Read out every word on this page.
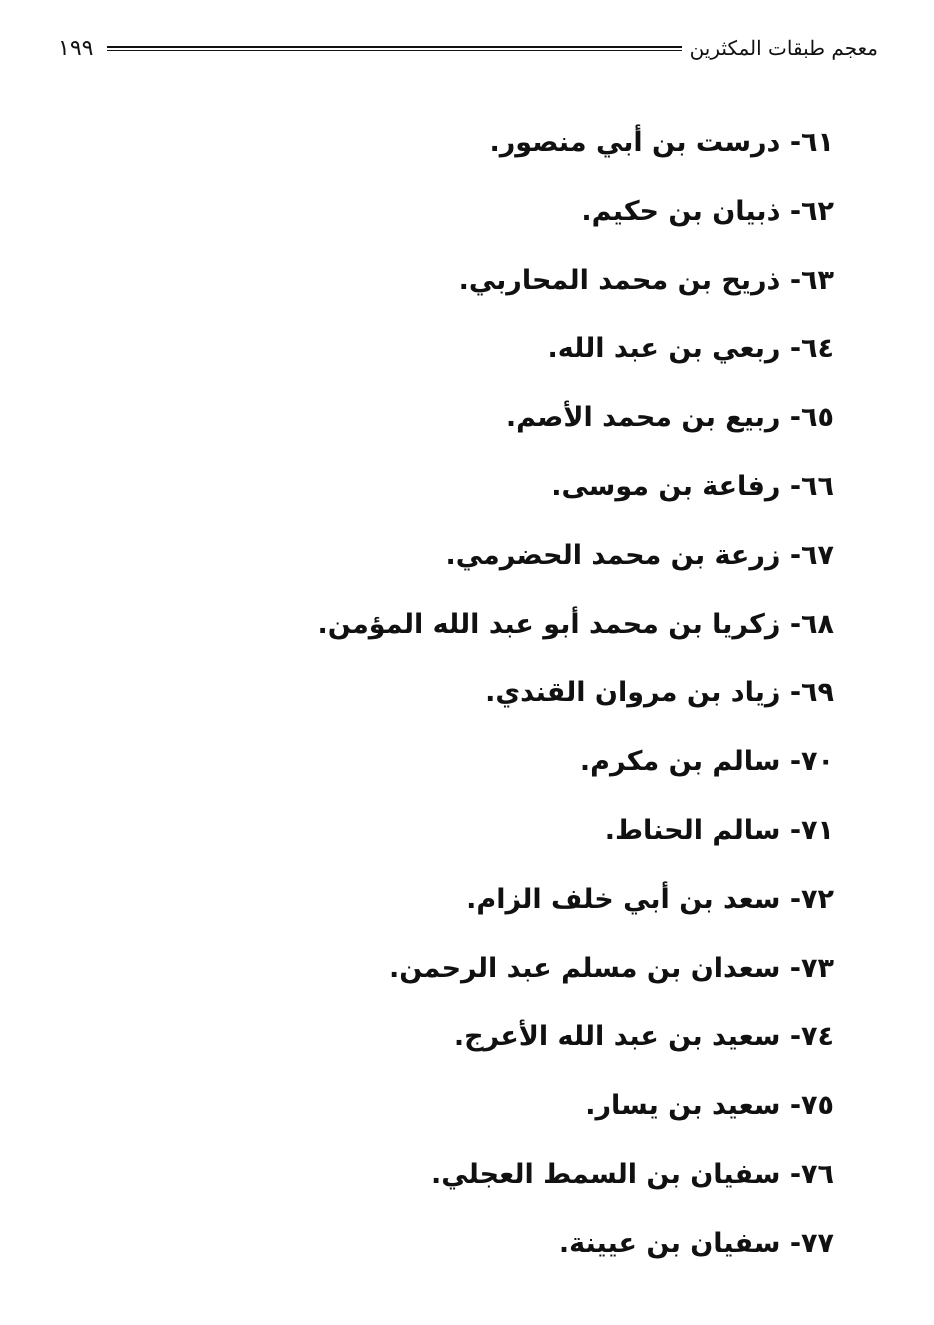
١٩٩	معجم طبقات المكثرين
٦١- درست بن أبي منصور.
٦٢- ذبيان بن حكيم.
٦٣- ذريح بن محمد المحاربي.
٦٤- ربعي بن عبد الله.
٦٥- ربيع بن محمد الأصم.
٦٦- رفاعة بن موسى.
٦٧- زرعة بن محمد الحضرمي.
٦٨- زكريا بن محمد أبو عبد الله المؤمن.
٦٩- زياد بن مروان القندي.
٧٠- سالم بن مكرم.
٧١- سالم الحناط.
٧٢- سعد بن أبي خلف الزام.
٧٣- سعدان بن مسلم عبد الرحمن.
٧٤- سعيد بن عبد الله الأعرج.
٧٥- سعيد بن يسار.
٧٦- سفيان بن السمط العجلي.
٧٧- سفيان بن عيينة.
